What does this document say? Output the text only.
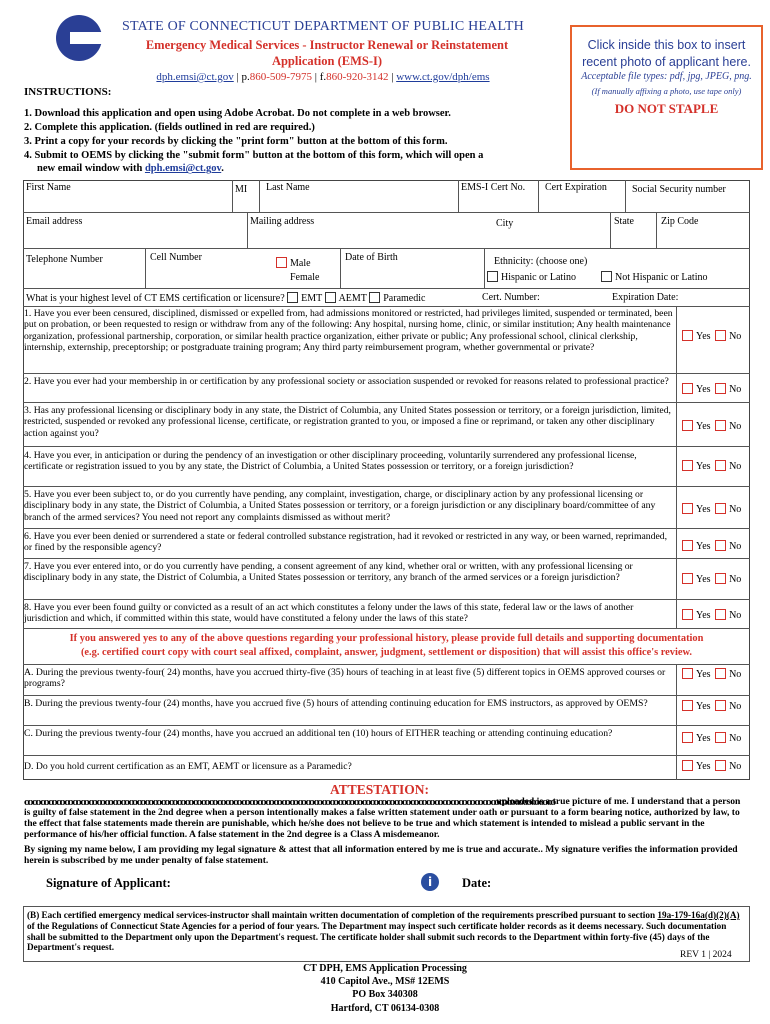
STATE OF CONNECTICUT DEPARTMENT OF PUBLIC HEALTH
Emergency Medical Services - Instructor Renewal or Reinstatement
Application (EMS-I)
dph.emsi@ct.gov | p.860-509-7975 | f.860-920-3142 | www.ct.gov/dph/ems
Click inside this box to insert recent photo of applicant here.
Acceptable file types: pdf, jpg, JPEG, png.
(If manually affixing a photo, use tape only)
DO NOT STAPLE
INSTRUCTIONS:
1. Download this application and open using Adobe Acrobat. Do not complete in a web browser.
2. Complete this application. (fields outlined in red are required.)
3. Print a copy for your records by clicking the "print form" button at the bottom of this form.
4. Submit to OEMS by clicking the "submit form" button at the bottom of this form, which will open a
new email window with dph.emsi@ct.gov.
First Name	MI Last Name	EMS-I Cert No. Cert Expiration	Social Security number
Email address	Mailing address	City	State	Zip Code
Telephone Number	Cell Number
Male
Female
Date of Birth	Ethnicity: (choose one)
Hispanic or Latino	Not Hispanic or Latino
What is your highest level of CT EMS certification or licensure? EMT AEMT Paramedic	Cert. Number:	Expiration Date:
1. Have you ever been censured, disciplined, dismissed or expelled from, had admissions monitored or restricted, had privileges limited, suspended or terminated, been put on probation, or been requested to resign or withdraw from any of the following: Any hospital, nursing home, clinic, or similar institution; Any health maintenance organization, professional partnership, corporation, or similar health practice organization, either private or public; Any professional school, clinical clerkship, internship, externship, preceptorship; or postgraduate training program; Any third party reimbursement program, whether governmental or private?
Yes No
2. Have you ever had your membership in or certification by any professional society or association suspended or revoked for reasons related to professional practice?
Yes No
3. Has any professional licensing or disciplinary body in any state, the District of Columbia, any United States possession or territory, or a foreign jurisdiction, limited, restricted, suspended or revoked any professional license, certificate, or registration granted to you, or imposed a fine or reprimand, or taken any other disciplinary action against you?
Yes No
4. Have you ever, in anticipation or during the pendency of an investigation or other disciplinary proceeding, voluntarily surrendered any professional license, certificate or registration issued to you by any state, the District of Columbia, a United States possession or territory, or a foreign jurisdiction?	Yes No
5. Have you ever been subject to, or do you currently have pending, any complaint, investigation, charge, or disciplinary action by any professional licensing or disciplinary body in any state, the District of Columbia, a United States possession or territory, or a foreign jurisdiction or any disciplinary board/committee of any branch of the armed services? You need not report any complaints dismissed as without merit?
Yes No
6. Have you ever been denied or surrendered a state or federal controlled substance registration, had it revoked or restricted in any way, or been warned, reprimanded, or fined by the responsible agency?	Yes No
7. Have you ever entered into, or do you currently have pending, a consent agreement of any kind, whether oral or written, with any professional licensing or disciplinary body in any state, the District of Columbia, a United States possession or territory, any branch of the armed services or a foreign jurisdiction?	Yes No
8. Have you ever been found guilty or convicted as a result of an act which constitutes a felony under the laws of this state, federal law or the laws of another jurisdiction and which, if committed within this state, would have constituted a felony under the laws of this state?	Yes No
If you answered yes to any of the above questions regarding your professional history, please provide full details and supporting documentation
(e.g. certified court copy with court seal affixed, complaint, answer, judgment, settlement or disposition) that will assist this office's review.
A. During the previous twenty-four( 24) months, have you accrued thirty-five (35) hours of teaching in at least five (5) different topics in OEMS approved courses or programs?
Yes No
B. During the previous twenty-four (24) months, have you accrued five (5) hours of attending continuing education for EMS instructors, as approved by OEMS?	Yes No
C. During the previous twenty-four (24) months, have you accrued an additional ten (10) hours of EITHER teaching or attending continuing education?	Yes No
D. Do you hold current certification as an EMT, AEMT or licensure as a Paramedic?	Yes No
ATTESTATION:
ꝏꝏꝏꝏꝏꝏꝏꝏꝏꝏꝏꝏꝏꝏꝏꝏꝏꝏꝏꝏꝏꝏꝏꝏꝏꝏꝏꝏꝏꝏꝏꝏꝏꝏꝏꝏꝏꝏꝏꝏꝏꝏꝏꝏꝏꝏꝏꝏꝏꝏꝏꝏꝏꝏꝏꝏꝏꝏꝏꝏꝏꝏꝏꝏꝏꝏ uploaded is a true picture of me. I understand that a person is guilty of false statement in the 2nd degree when a person intentionally makes a false written statement under oath or pursuant to a form bearing notice, authorized by law, to the effect that false statements made therein are punishable, which he/she does not believe to be true and which statement is intended to mislead a public servant in the performance of his/her official function. A false statement in the 2nd degree is a Class A misdemeanor.
By signing my name below, I am providing my legal signature & attest that all information entered by me is true and accurate.. My signature verifies the information provided herein is subscribed by me under penalty of false statement.
Signature of Applicant:	i	Date:
(B) Each certified emergency medical services-instructor shall maintain written documentation of completion of the requirements prescribed pursuant to section 19a-179-16a(d)(2)(A) of the Regulations of Connecticut State Agencies for a period of four years. The Department may inspect such certificate holder records as it deems necessary. Such documentation shall be submitted to the Department only upon the Department's request. The certificate holder shall submit such records to the Department within forty-five (45) days of the Department's request.
REV 1 | 2024
CT DPH, EMS Application Processing
410 Capitol Ave., MS# 12EMS
PO Box 340308
Hartford, CT 06134-0308
